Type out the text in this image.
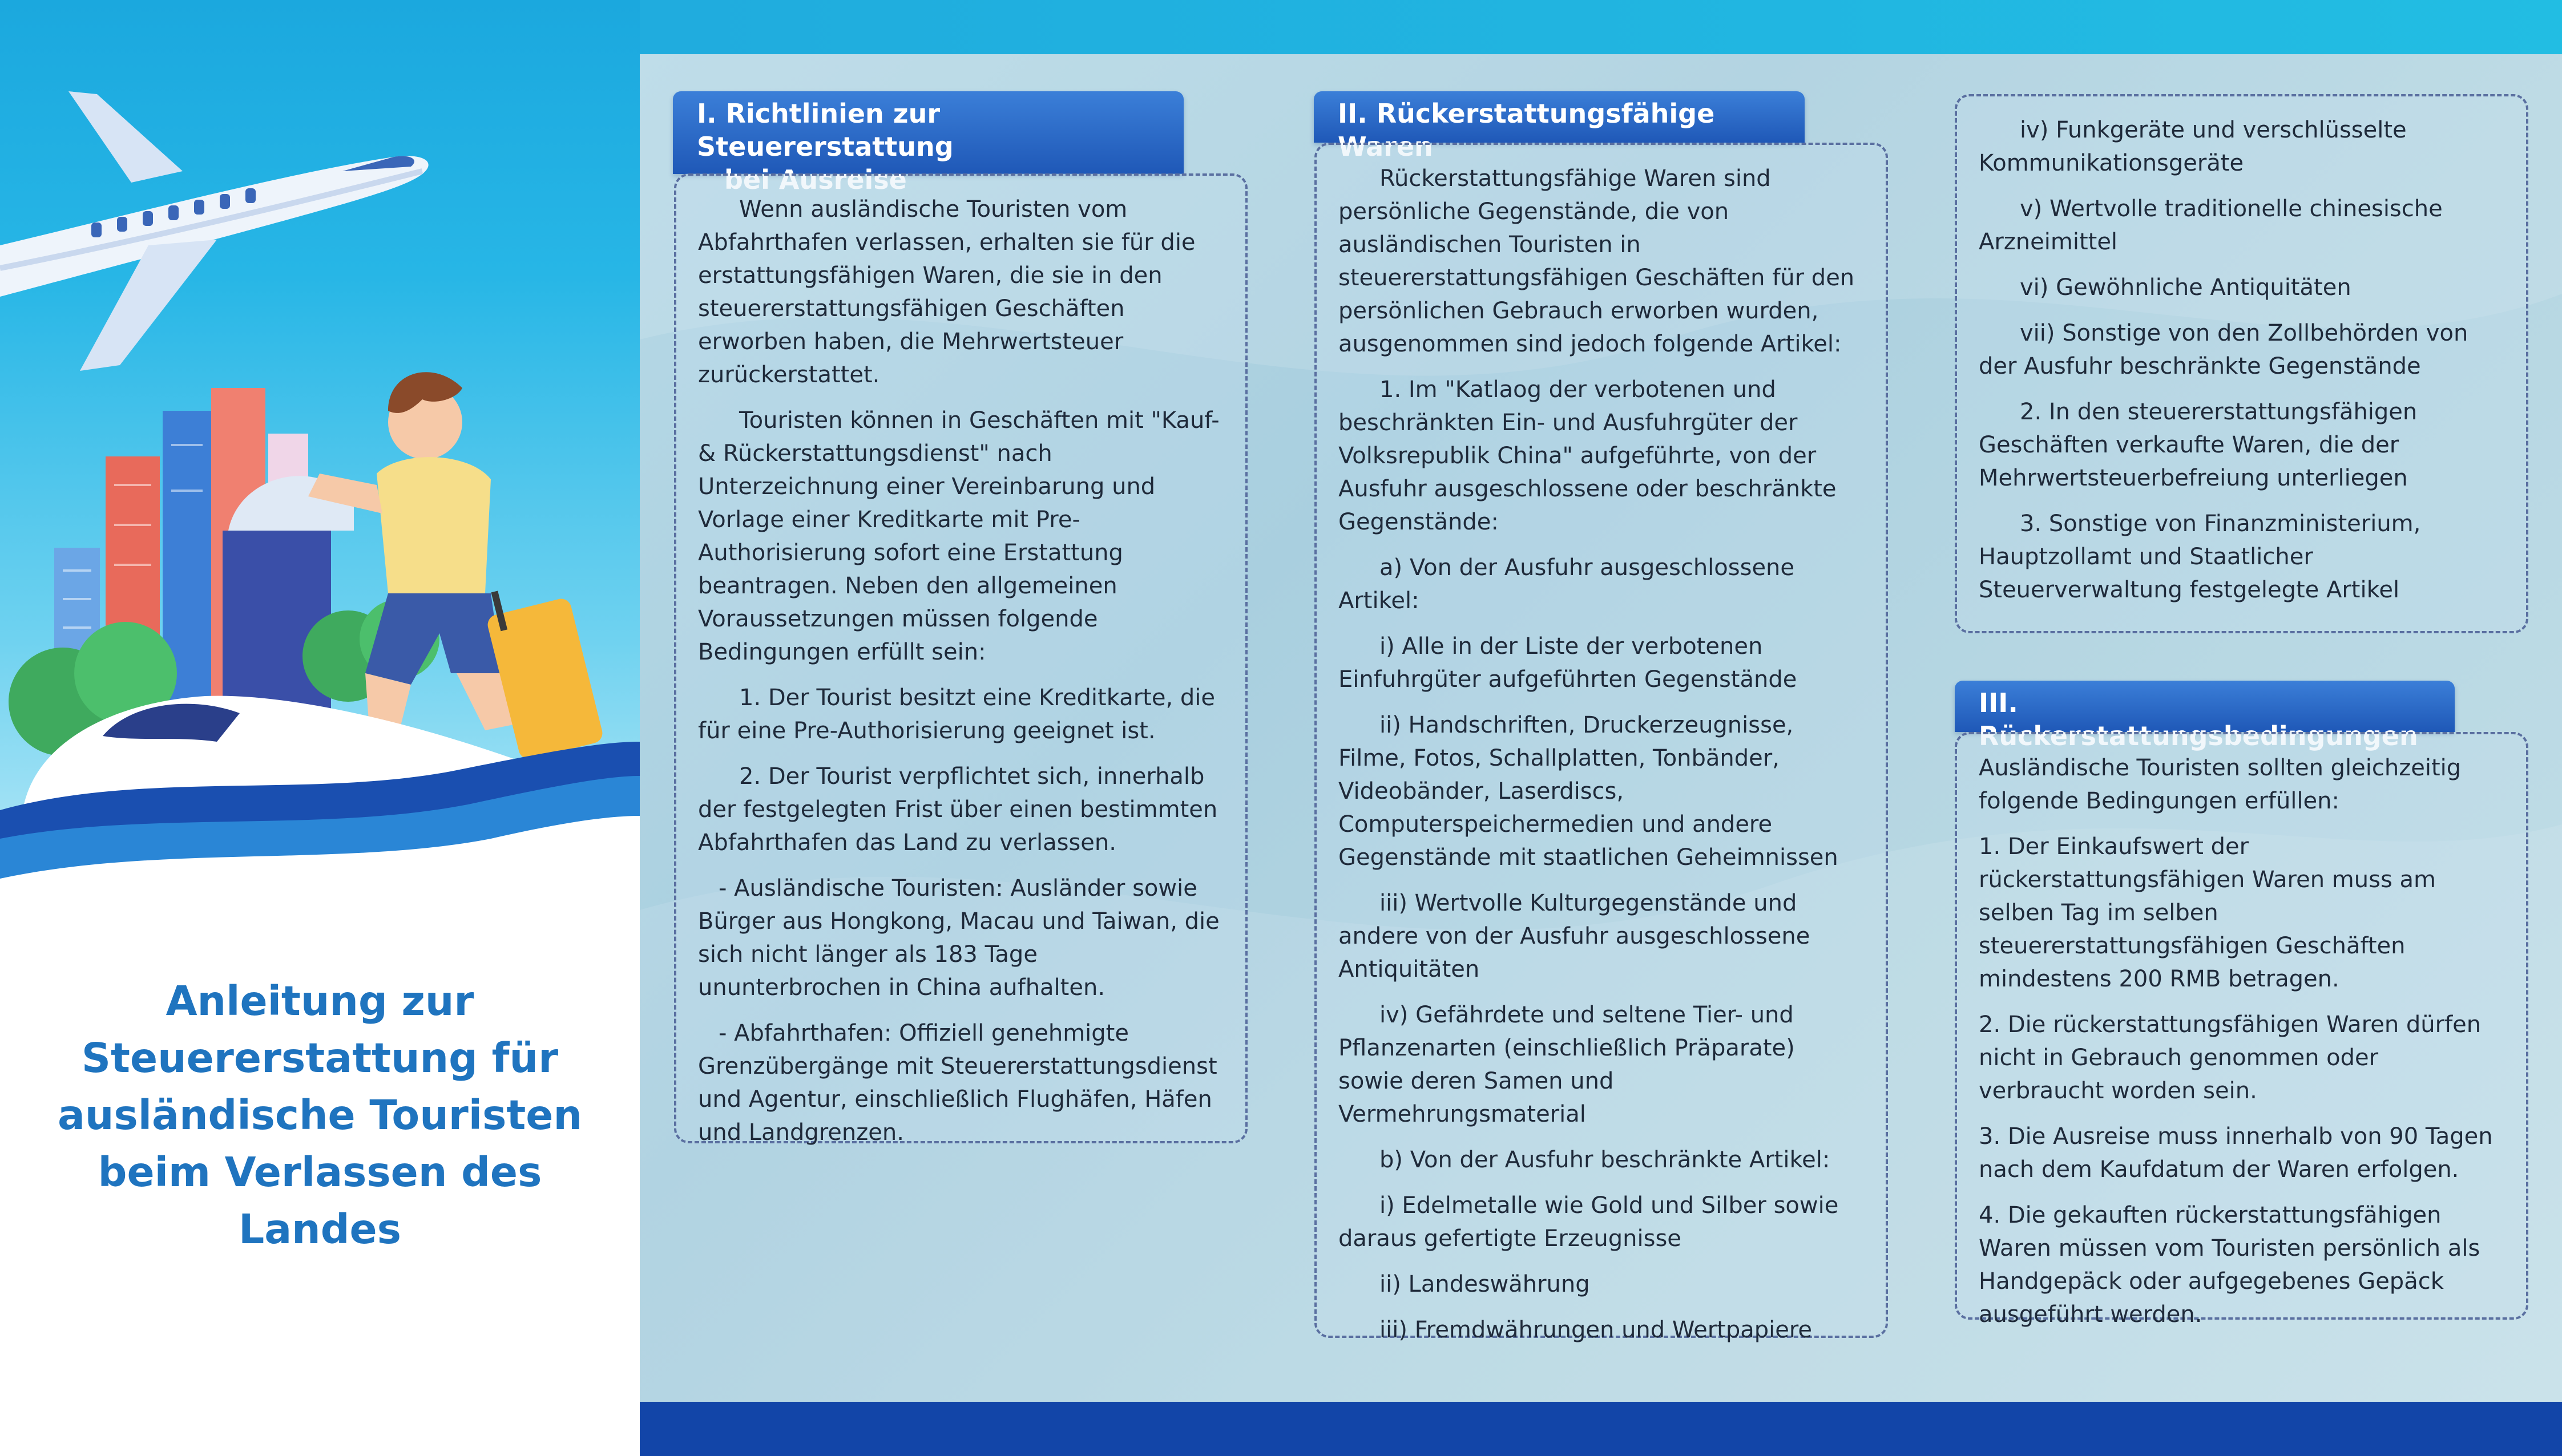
Anleitung zur Steuererstattung für ausländische Touristen beim Verlassen des Landes
I. Richtlinien zur Steuererstattung
bei Ausreise

Wenn ausländische Touristen vom Abfahrthafen verlassen, erhalten sie für die erstattungsfähigen Waren, die sie in den steuererstattungsfähigen Geschäften erworben haben, die Mehrwertsteuer zurückerstattet.

Touristen können in Geschäften mit "Kauf- & Rückerstattungsdienst" nach Unterzeichnung einer Vereinbarung und Vorlage einer Kreditkarte mit Pre-Authorisierung sofort eine Erstattung beantragen. Neben den allgemeinen Voraussetzungen müssen folgende Bedingungen erfüllt sein:

1. Der Tourist besitzt eine Kreditkarte, die für eine Pre-Authorisierung geeignet ist.

2. Der Tourist verpflichtet sich, innerhalb der festgelegten Frist über einen bestimmten Abfahrthafen das Land zu verlassen.

- Ausländische Touristen: Ausländer sowie Bürger aus Hongkong, Macau und Taiwan, die sich nicht länger als 183 Tage ununterbrochen in China aufhalten.

- Abfahrthafen: Offiziell genehmigte Grenzübergänge mit Steuererstattungsdienst und Agentur, einschließlich Flughäfen, Häfen und Landgrenzen.

II. Rückerstattungsfähige Waren

Rückerstattungsfähige Waren sind persönliche Gegenstände, die von ausländischen Touristen in steuererstattungsfähigen Geschäften für den persönlichen Gebrauch erworben wurden, ausgenommen sind jedoch folgende Artikel:

1. Im "Katlaog der verbotenen und beschränkten Ein- und Ausfuhrgüter der Volksrepublik China" aufgeführte, von der Ausfuhr ausgeschlossene oder beschränkte Gegenstände:

a) Von der Ausfuhr ausgeschlossene Artikel:

i) Alle in der Liste der verbotenen Einfuhrgüter aufgeführten Gegenstände

ii) Handschriften, Druckerzeugnisse, Filme, Fotos, Schallplatten, Tonbänder, Videobänder, Laserdiscs, Computerspeichermedien und andere Gegenstände mit staatlichen Geheimnissen

iii) Wertvolle Kulturgegenstände und andere von der Ausfuhr ausgeschlossene Antiquitäten

iv) Gefährdete und seltene Tier- und Pflanzenarten (einschließlich Präparate) sowie deren Samen und Vermehrungsmaterial

b) Von der Ausfuhr beschränkte Artikel:

i) Edelmetalle wie Gold und Silber sowie daraus gefertigte Erzeugnisse

ii) Landeswährung

iii) Fremdwährungen und Wertpapiere

iv) Funkgeräte und verschlüsselte Kommunikationsgeräte

v) Wertvolle traditionelle chinesische Arzneimittel

vi) Gewöhnliche Antiquitäten

vii) Sonstige von den Zollbehörden von der Ausfuhr beschränkte Gegenstände

2. In den steuererstattungsfähigen Geschäften verkaufte Waren, die der Mehrwertsteuerbefreiung unterliegen

3. Sonstige von Finanzministerium, Hauptzollamt und Staatlicher Steuerverwaltung festgelegte Artikel

III. Rückerstattungsbedingungen

Ausländische Touristen sollten gleichzeitig folgende Bedingungen erfüllen:

1. Der Einkaufswert der rückerstattungsfähigen Waren muss am selben Tag im selben steuererstattungsfähigen Geschäften mindestens 200 RMB betragen.

2. Die rückerstattungsfähigen Waren dürfen nicht in Gebrauch genommen oder verbraucht worden sein.

3. Die Ausreise muss innerhalb von 90 Tagen nach dem Kaufdatum der Waren erfolgen.

4. Die gekauften rückerstattungsfähigen Waren müssen vom Touristen persönlich als Handgepäck oder aufgegebenes Gepäck ausgeführt werden.
